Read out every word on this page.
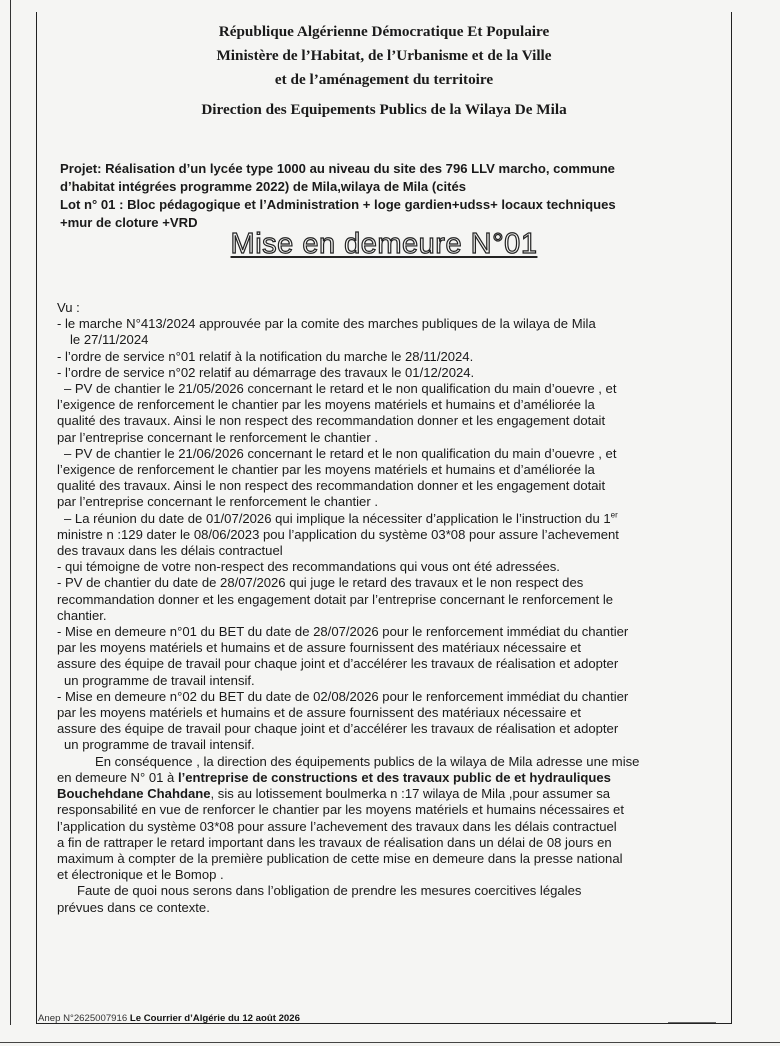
République Algérienne Démocratique Et Populaire
Ministère de l’Habitat, de l’Urbanisme et de la Ville
et de l’aménagement du territoire
Direction des Equipements Publics de la Wilaya De Mila
Projet: Réalisation d’un lycée type 1000 au niveau du site des 796 LLV marcho, commune
d’habitat intégrées programme 2022) de Mila,wilaya de Mila (cités
Lot n° 01 : Bloc pédagogique et l’Administration + loge gardien+udss+ locaux techniques
+mur de cloture +VRD
Mise en demeure N°01
Vu :
- le marche N°413/2024 approuvée par la comite des marches publiques de la wilaya de Mila
le 27/11/2024
- l’ordre de service n°01 relatif à la notification du marche le 28/11/2024.
- l’ordre de service n°02 relatif au démarrage des travaux le 01/12/2024.
– PV de chantier le 21/05/2026 concernant le retard et le non qualification du main d’ouevre , et
l’exigence de renforcement le chantier par les moyens matériels et humains et d’améliorée la
qualité des travaux. Ainsi le non respect des recommandation donner et les engagement dotait
par l’entreprise concernant le renforcement le chantier .
– PV de chantier le 21/06/2026 concernant le retard et le non qualification du main d’ouevre , et
l’exigence de renforcement le chantier par les moyens matériels et humains et d’améliorée la
qualité des travaux. Ainsi le non respect des recommandation donner et les engagement dotait
par l’entreprise concernant le renforcement le chantier .
– La réunion du date de 01/07/2026 qui implique la nécessiter d’application le l’instruction du 1er
ministre n :129 dater le 08/06/2023 pou l’application du système 03*08 pour assure l’achevement
des travaux dans les délais contractuel
- qui témoigne de votre non-respect des recommandations qui vous ont été adressées.
- PV de chantier du date de 28/07/2026 qui juge le retard des travaux et le non respect des
recommandation donner et les engagement dotait par l’entreprise concernant le renforcement le
chantier.
- Mise en demeure n°01 du BET du date de 28/07/2026 pour le renforcement immédiat du chantier
par les moyens matériels et humains et de assure fournissent des matériaux nécessaire et
assure des équipe de travail pour chaque joint et d’accélérer les travaux de réalisation et adopter
un programme de travail intensif.
- Mise en demeure n°02 du BET du date de 02/08/2026 pour le renforcement immédiat du chantier
par les moyens matériels et humains et de assure fournissent des matériaux nécessaire et
assure des équipe de travail pour chaque joint et d’accélérer les travaux de réalisation et adopter
un programme de travail intensif.
En conséquence , la direction des équipements publics de la wilaya de Mila adresse une mise
en demeure N° 01 à l’entreprise de constructions et des travaux public de et hydrauliques
Bouchehdane Chahdane, sis au lotissement boulmerka n :17 wilaya de Mila ,pour assumer sa
responsabilité en vue de renforcer le chantier par les moyens matériels et humains nécessaires et
l’application du système 03*08 pour assure l’achevement des travaux dans les délais contractuel
a fin de rattraper le retard important dans les travaux de réalisation dans un délai de 08 jours en
maximum à compter de la première publication de cette mise en demeure dans la presse national
et électronique et le Bomop .
Faute de quoi nous serons dans l’obligation de prendre les mesures coercitives légales
prévues dans ce contexte.
Anep N°2625007916 Le Courrier d’Algérie du 12 août 2026
